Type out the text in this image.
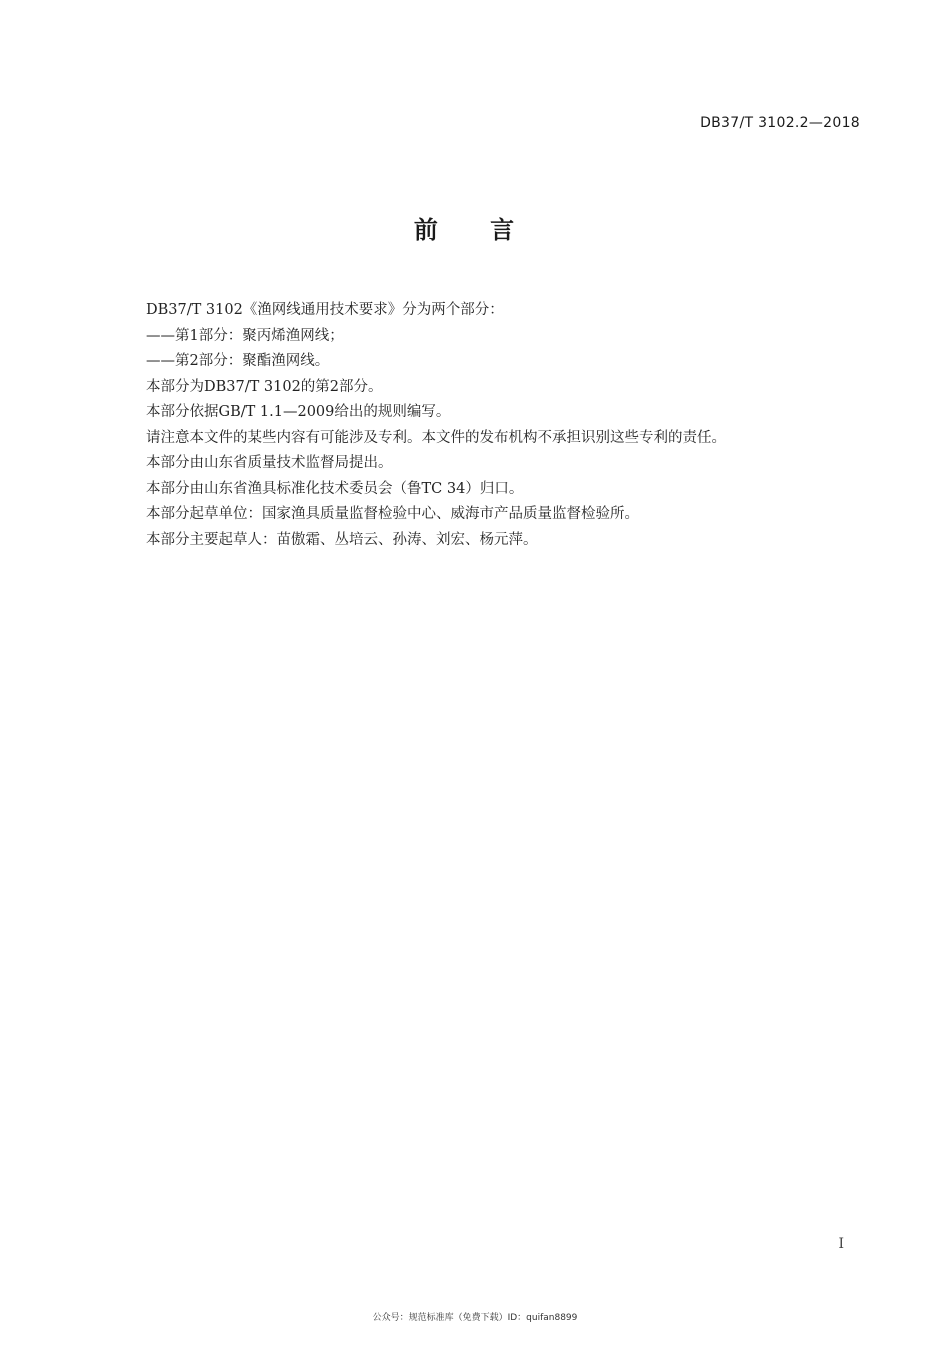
DB37/T 3102.2—2018
前 言
DB37/T 3102《渔网线通用技术要求》分为两个部分：
——第1部分：聚丙烯渔网线；
——第2部分：聚酯渔网线。
本部分为DB37/T 3102的第2部分。
本部分依据GB/T 1.1—2009给出的规则编写。
请注意本文件的某些内容有可能涉及专利。本文件的发布机构不承担识别这些专利的责任。
本部分由山东省质量技术监督局提出。
本部分由山东省渔具标准化技术委员会（鲁TC 34）归口。
本部分起草单位：国家渔具质量监督检验中心、威海市产品质量监督检验所。
本部分主要起草人：苗傲霜、丛培云、孙涛、刘宏、杨元萍。
I
公众号：规范标准库（免费下载）ID：quifan8899
